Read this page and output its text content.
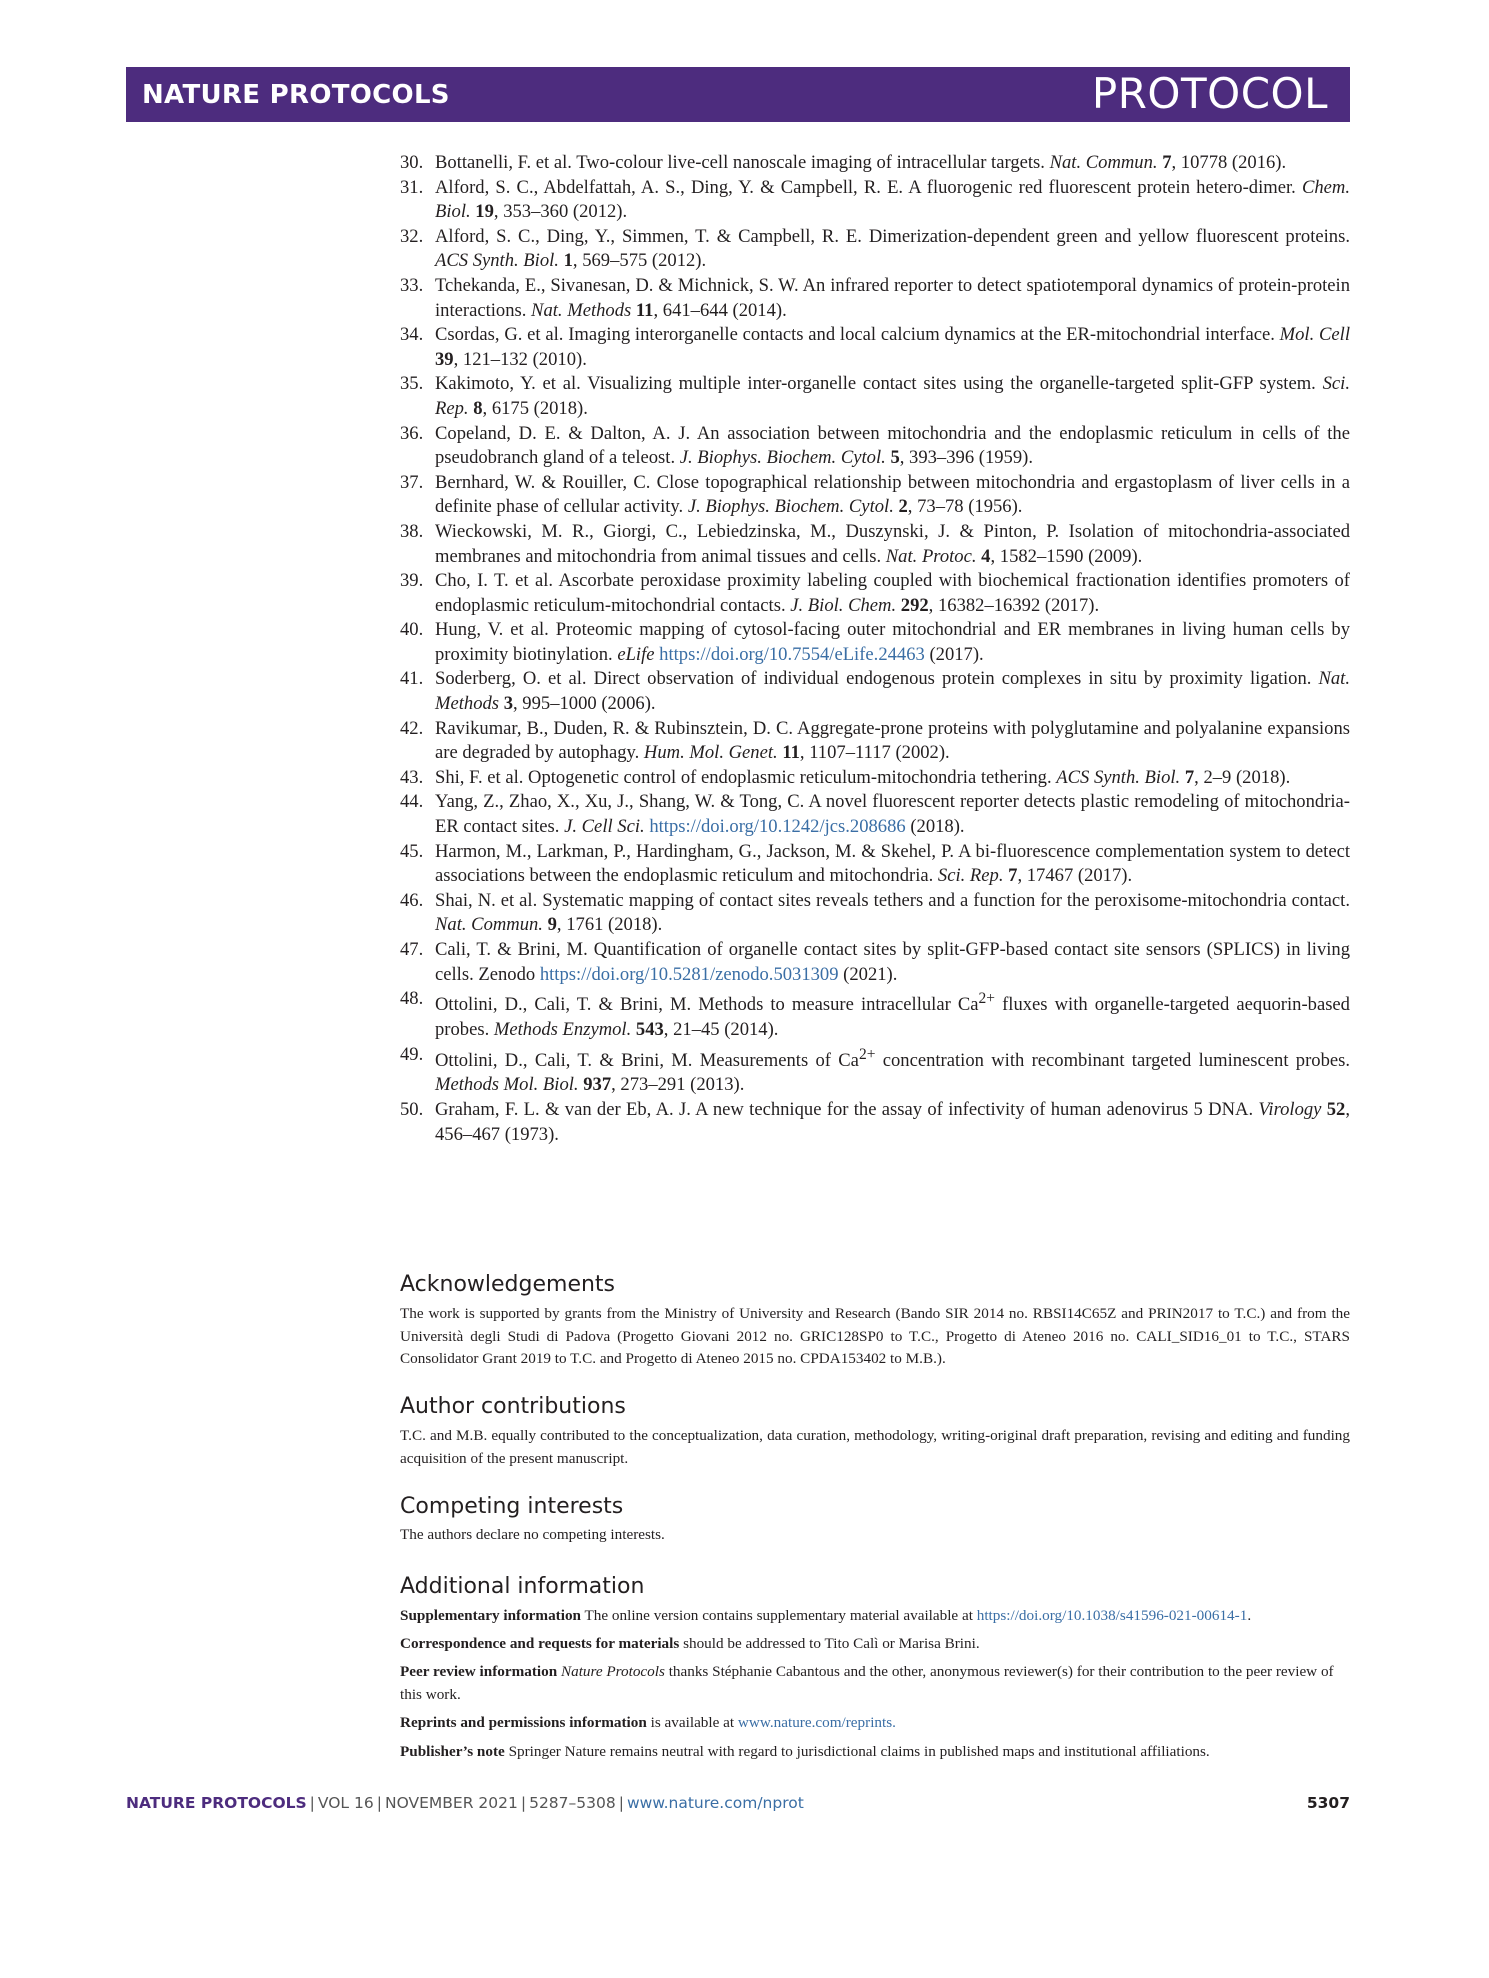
NATURE PROTOCOLS	PROTOCOL
30. Bottanelli, F. et al. Two-colour live-cell nanoscale imaging of intracellular targets. Nat. Commun. 7, 10778 (2016).
31. Alford, S. C., Abdelfattah, A. S., Ding, Y. & Campbell, R. E. A fluorogenic red fluorescent protein hetero-dimer. Chem. Biol. 19, 353–360 (2012).
32. Alford, S. C., Ding, Y., Simmen, T. & Campbell, R. E. Dimerization-dependent green and yellow fluorescent proteins. ACS Synth. Biol. 1, 569–575 (2012).
33. Tchekanda, E., Sivanesan, D. & Michnick, S. W. An infrared reporter to detect spatiotemporal dynamics of protein-protein interactions. Nat. Methods 11, 641–644 (2014).
34. Csordas, G. et al. Imaging interorganelle contacts and local calcium dynamics at the ER-mitochondrial interface. Mol. Cell 39, 121–132 (2010).
35. Kakimoto, Y. et al. Visualizing multiple inter-organelle contact sites using the organelle-targeted split-GFP system. Sci. Rep. 8, 6175 (2018).
36. Copeland, D. E. & Dalton, A. J. An association between mitochondria and the endoplasmic reticulum in cells of the pseudobranch gland of a teleost. J. Biophys. Biochem. Cytol. 5, 393–396 (1959).
37. Bernhard, W. & Rouiller, C. Close topographical relationship between mitochondria and ergastoplasm of liver cells in a definite phase of cellular activity. J. Biophys. Biochem. Cytol. 2, 73–78 (1956).
38. Wieckowski, M. R., Giorgi, C., Lebiedzinska, M., Duszynski, J. & Pinton, P. Isolation of mitochondria-associated membranes and mitochondria from animal tissues and cells. Nat. Protoc. 4, 1582–1590 (2009).
39. Cho, I. T. et al. Ascorbate peroxidase proximity labeling coupled with biochemical fractionation identifies promoters of endoplasmic reticulum-mitochondrial contacts. J. Biol. Chem. 292, 16382–16392 (2017).
40. Hung, V. et al. Proteomic mapping of cytosol-facing outer mitochondrial and ER membranes in living human cells by proximity biotinylation. eLife https://doi.org/10.7554/eLife.24463 (2017).
41. Soderberg, O. et al. Direct observation of individual endogenous protein complexes in situ by proximity ligation. Nat. Methods 3, 995–1000 (2006).
42. Ravikumar, B., Duden, R. & Rubinsztein, D. C. Aggregate-prone proteins with polyglutamine and polyalanine expansions are degraded by autophagy. Hum. Mol. Genet. 11, 1107–1117 (2002).
43. Shi, F. et al. Optogenetic control of endoplasmic reticulum-mitochondria tethering. ACS Synth. Biol. 7, 2–9 (2018).
44. Yang, Z., Zhao, X., Xu, J., Shang, W. & Tong, C. A novel fluorescent reporter detects plastic remodeling of mitochondria-ER contact sites. J. Cell Sci. https://doi.org/10.1242/jcs.208686 (2018).
45. Harmon, M., Larkman, P., Hardingham, G., Jackson, M. & Skehel, P. A bi-fluorescence complementation system to detect associations between the endoplasmic reticulum and mitochondria. Sci. Rep. 7, 17467 (2017).
46. Shai, N. et al. Systematic mapping of contact sites reveals tethers and a function for the peroxisome-mitochondria contact. Nat. Commun. 9, 1761 (2018).
47. Cali, T. & Brini, M. Quantification of organelle contact sites by split-GFP-based contact site sensors (SPLICS) in living cells. Zenodo https://doi.org/10.5281/zenodo.5031309 (2021).
48. Ottolini, D., Cali, T. & Brini, M. Methods to measure intracellular $Ca^{2+}$ fluxes with organelle-targeted aequorin-based probes. Methods Enzymol. 543, 21–45 (2014).
49. Ottolini, D., Cali, T. & Brini, M. Measurements of $Ca^{2+}$ concentration with recombinant targeted luminescent probes. Methods Mol. Biol. 937, 273–291 (2013).
50. Graham, F. L. & van der Eb, A. J. A new technique for the assay of infectivity of human adenovirus 5 DNA. Virology 52, 456–467 (1973).
Acknowledgements
The work is supported by grants from the Ministry of University and Research (Bando SIR 2014 no. RBSI14C65Z and PRIN2017 to T.C.) and from the Università degli Studi di Padova (Progetto Giovani 2012 no. GRIC128SP0 to T.C., Progetto di Ateneo 2016 no. CALI_SID16_01 to T.C., STARS Consolidator Grant 2019 to T.C. and Progetto di Ateneo 2015 no. CPDA153402 to M.B.).
Author contributions
T.C. and M.B. equally contributed to the conceptualization, data curation, methodology, writing-original draft preparation, revising and editing and funding acquisition of the present manuscript.
Competing interests
The authors declare no competing interests.
Additional information
Supplementary information The online version contains supplementary material available at https://doi.org/10.1038/s41596-021-00614-1.
Correspondence and requests for materials should be addressed to Tito Calì or Marisa Brini.
Peer review information Nature Protocols thanks Stéphanie Cabantous and the other, anonymous reviewer(s) for their contribution to the peer review of this work.
Reprints and permissions information is available at www.nature.com/reprints.
Publisher’s note Springer Nature remains neutral with regard to jurisdictional claims in published maps and institutional affiliations.
NATURE PROTOCOLS | VOL 16 | NOVEMBER 2021 | 5287–5308 | www.nature.com/nprot	5307
